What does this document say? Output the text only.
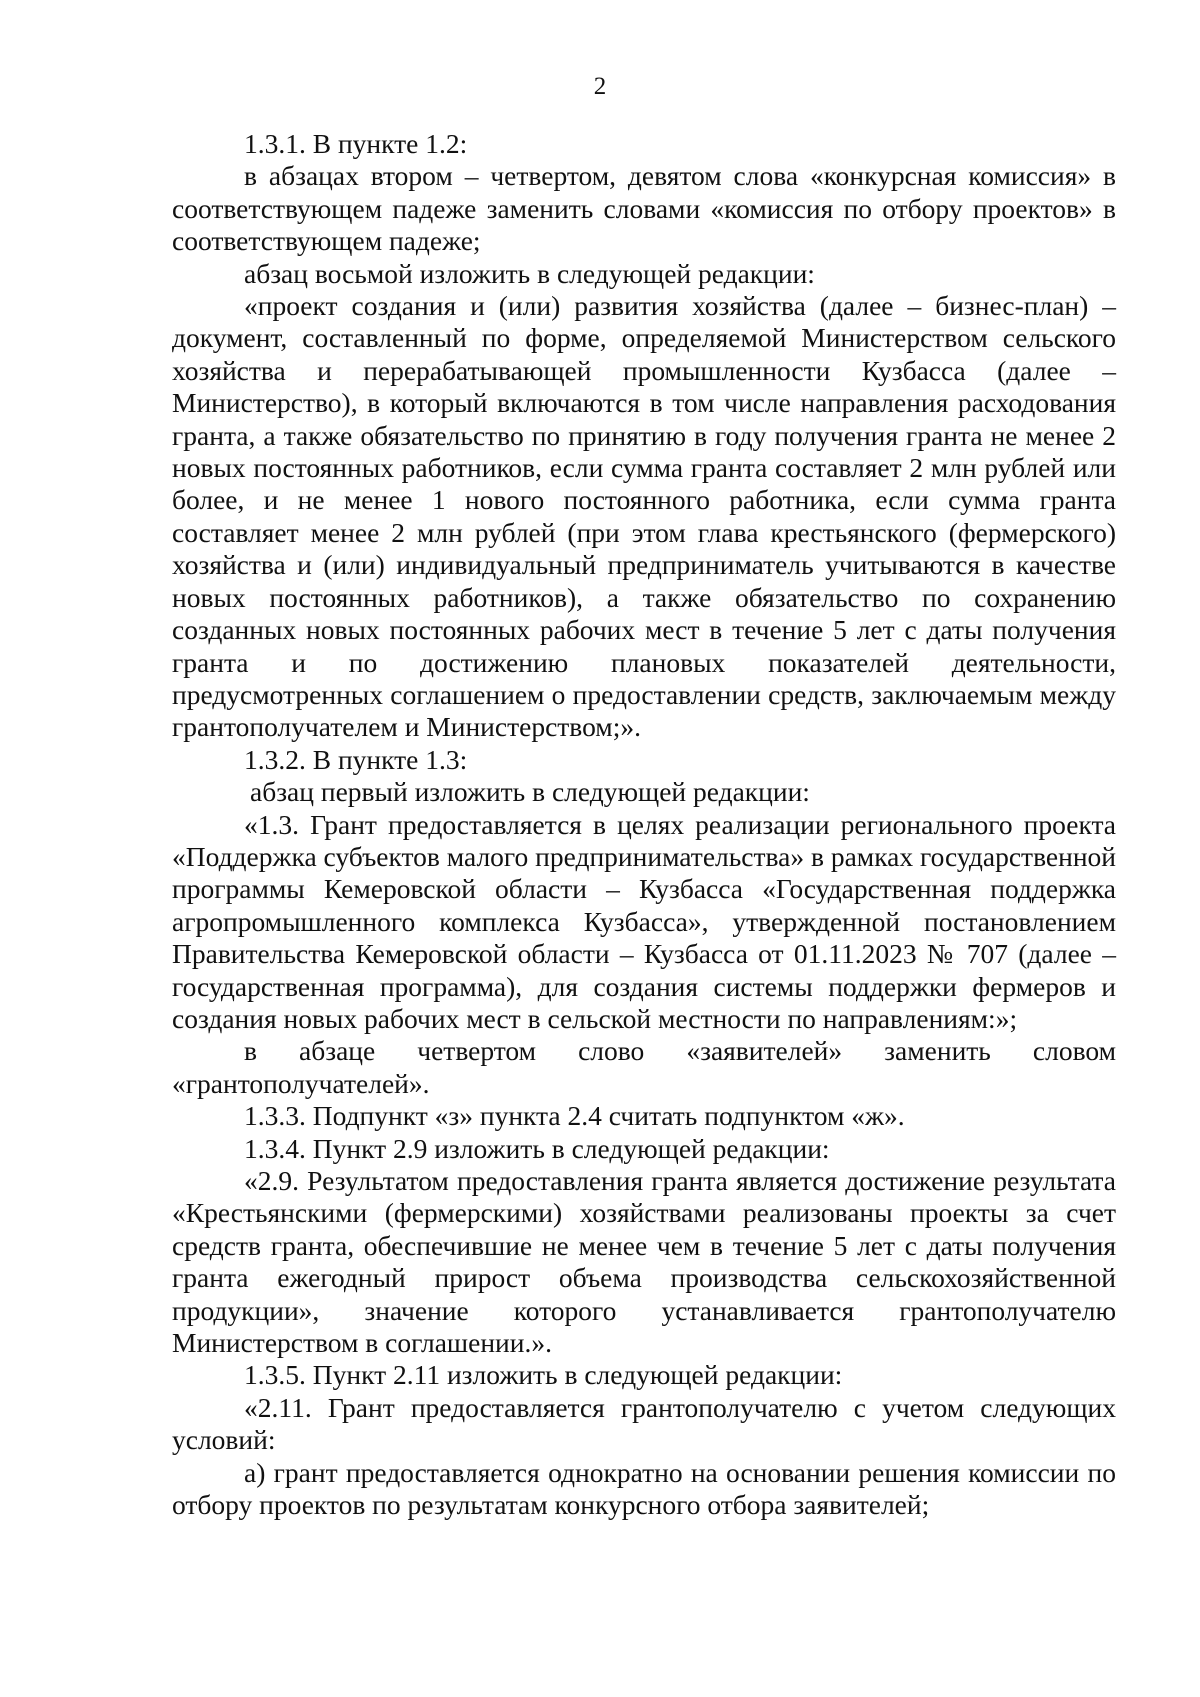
2

1.3.1. В пункте 1.2:

в абзацах втором – четвертом, девятом слова «конкурсная комиссия» в соответствующем падеже заменить словами «комиссия по отбору проектов» в соответствующем падеже;

абзац восьмой изложить в следующей редакции:

«проект создания и (или) развития хозяйства (далее – бизнес-план) – документ, составленный по форме, определяемой Министерством сельского хозяйства и перерабатывающей промышленности Кузбасса (далее – Министерство), в который включаются в том числе направления расходования гранта, а также обязательство по принятию в году получения гранта не менее 2 новых постоянных работников, если сумма гранта составляет 2 млн рублей или более, и не менее 1 нового постоянного работника, если сумма гранта составляет менее 2 млн рублей (при этом глава крестьянского (фермерского) хозяйства и (или) индивидуальный предприниматель учитываются в качестве новых постоянных работников), а также обязательство по сохранению созданных новых постоянных рабочих мест в течение 5 лет с даты получения гранта и по достижению плановых показателей деятельности, предусмотренных соглашением о предоставлении средств, заключаемым между грантополучателем и Министерством;».

1.3.2. В пункте 1.3:

абзац первый изложить в следующей редакции:

«1.3. Грант предоставляется в целях реализации регионального проекта «Поддержка субъектов малого предпринимательства» в рамках государственной программы Кемеровской области – Кузбасса «Государственная поддержка агропромышленного комплекса Кузбасса», утвержденной постановлением Правительства Кемеровской области – Кузбасса от 01.11.2023 № 707 (далее – государственная программа), для создания системы поддержки фермеров и создания новых рабочих мест в сельской местности по направлениям:»;

в абзаце четвертом слово «заявителей» заменить словом «грантополучателей».

1.3.3. Подпункт «з» пункта 2.4 считать подпунктом «ж».

1.3.4. Пункт 2.9 изложить в следующей редакции:

«2.9. Результатом предоставления гранта является достижение результата «Крестьянскими (фермерскими) хозяйствами реализованы проекты за счет средств гранта, обеспечившие не менее чем в течение 5 лет с даты получения гранта ежегодный прирост объема производства сельскохозяйственной продукции», значение которого устанавливается грантополучателю Министерством в соглашении.».

1.3.5. Пункт 2.11 изложить в следующей редакции:

«2.11. Грант предоставляется грантополучателю с учетом следующих условий:

а) грант предоставляется однократно на основании решения комиссии по отбору проектов по результатам конкурсного отбора заявителей;
